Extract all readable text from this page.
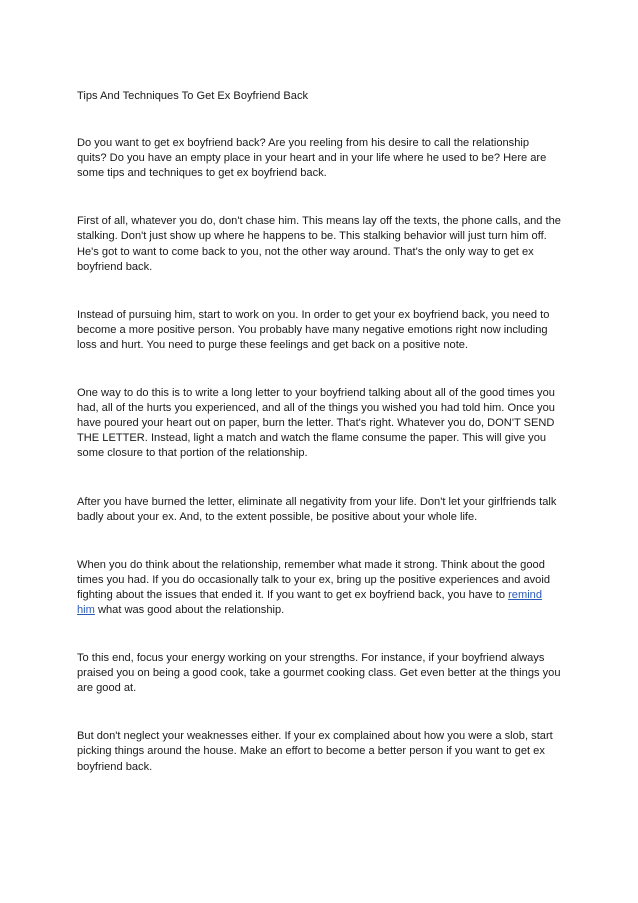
Tips And Techniques To Get Ex Boyfriend Back

Do you want to get ex boyfriend back? Are you reeling from his desire to call the relationship quits? Do you have an empty place in your heart and in your life where he used to be? Here are some tips and techniques to get ex boyfriend back.

First of all, whatever you do, don't chase him. This means lay off the texts, the phone calls, and the stalking. Don't just show up where he happens to be. This stalking behavior will just turn him off. He's got to want to come back to you, not the other way around. That's the only way to get ex boyfriend back.

Instead of pursuing him, start to work on you. In order to get your ex boyfriend back, you need to become a more positive person. You probably have many negative emotions right now including loss and hurt. You need to purge these feelings and get back on a positive note.

One way to do this is to write a long letter to your boyfriend talking about all of the good times you had, all of the hurts you experienced, and all of the things you wished you had told him. Once you have poured your heart out on paper, burn the letter. That's right. Whatever you do, DON'T SEND THE LETTER. Instead, light a match and watch the flame consume the paper. This will give you some closure to that portion of the relationship.

After you have burned the letter, eliminate all negativity from your life. Don't let your girlfriends talk badly about your ex. And, to the extent possible, be positive about your whole life.

When you do think about the relationship, remember what made it strong. Think about the good times you had. If you do occasionally talk to your ex, bring up the positive experiences and avoid fighting about the issues that ended it. If you want to get ex boyfriend back, you have to remind him what was good about the relationship.

To this end, focus your energy working on your strengths. For instance, if your boyfriend always praised you on being a good cook, take a gourmet cooking class. Get even better at the things you are good at.

But don't neglect your weaknesses either. If your ex complained about how you were a slob, start picking things around the house. Make an effort to become a better person if you want to get ex boyfriend back.
